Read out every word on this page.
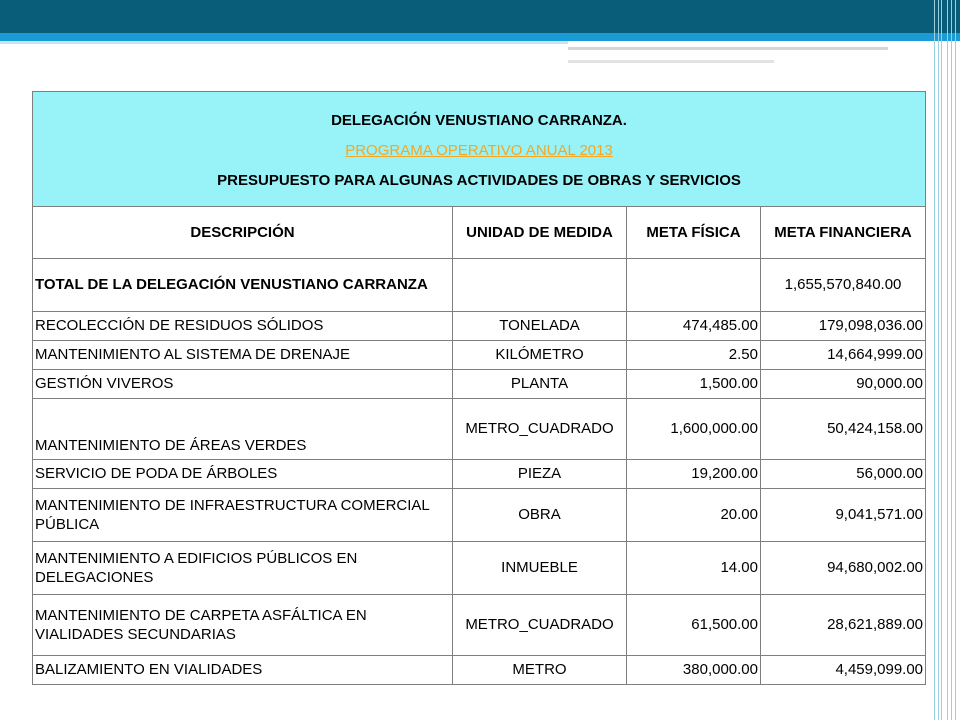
DELEGACIÓN VENUSTIANO CARRANZA.
PROGRAMA OPERATIVO ANUAL 2013
PRESUPUESTO PARA ALGUNAS ACTIVIDADES DE OBRAS Y SERVICIOS			

DESCRIPCIÓN	UNIDAD DE MEDIDA	META FÍSICA	META FINANCIERA
TOTAL DE LA DELEGACIÓN VENUSTIANO CARRANZA			1,655,570,840.00
RECOLECCIÓN DE RESIDUOS SÓLIDOS	TONELADA	474,485.00	179,098,036.00
MANTENIMIENTO AL SISTEMA DE DRENAJE	KILÓMETRO	2.50	14,664,999.00
GESTIÓN VIVEROS	PLANTA	1,500.00	90,000.00
MANTENIMIENTO DE ÁREAS VERDES	METRO_CUADRADO	1,600,000.00	50,424,158.00
SERVICIO DE PODA DE ÁRBOLES	PIEZA	19,200.00	56,000.00
MANTENIMIENTO DE INFRAESTRUCTURA COMERCIAL PÚBLICA	OBRA	20.00	9,041,571.00
MANTENIMIENTO A EDIFICIOS PÚBLICOS EN DELEGACIONES	INMUEBLE	14.00	94,680,002.00
MANTENIMIENTO DE CARPETA ASFÁLTICA EN VIALIDADES SECUNDARIAS	METRO_CUADRADO	61,500.00	28,621,889.00
BALIZAMIENTO EN VIALIDADES	METRO	380,000.00	4,459,099.00
